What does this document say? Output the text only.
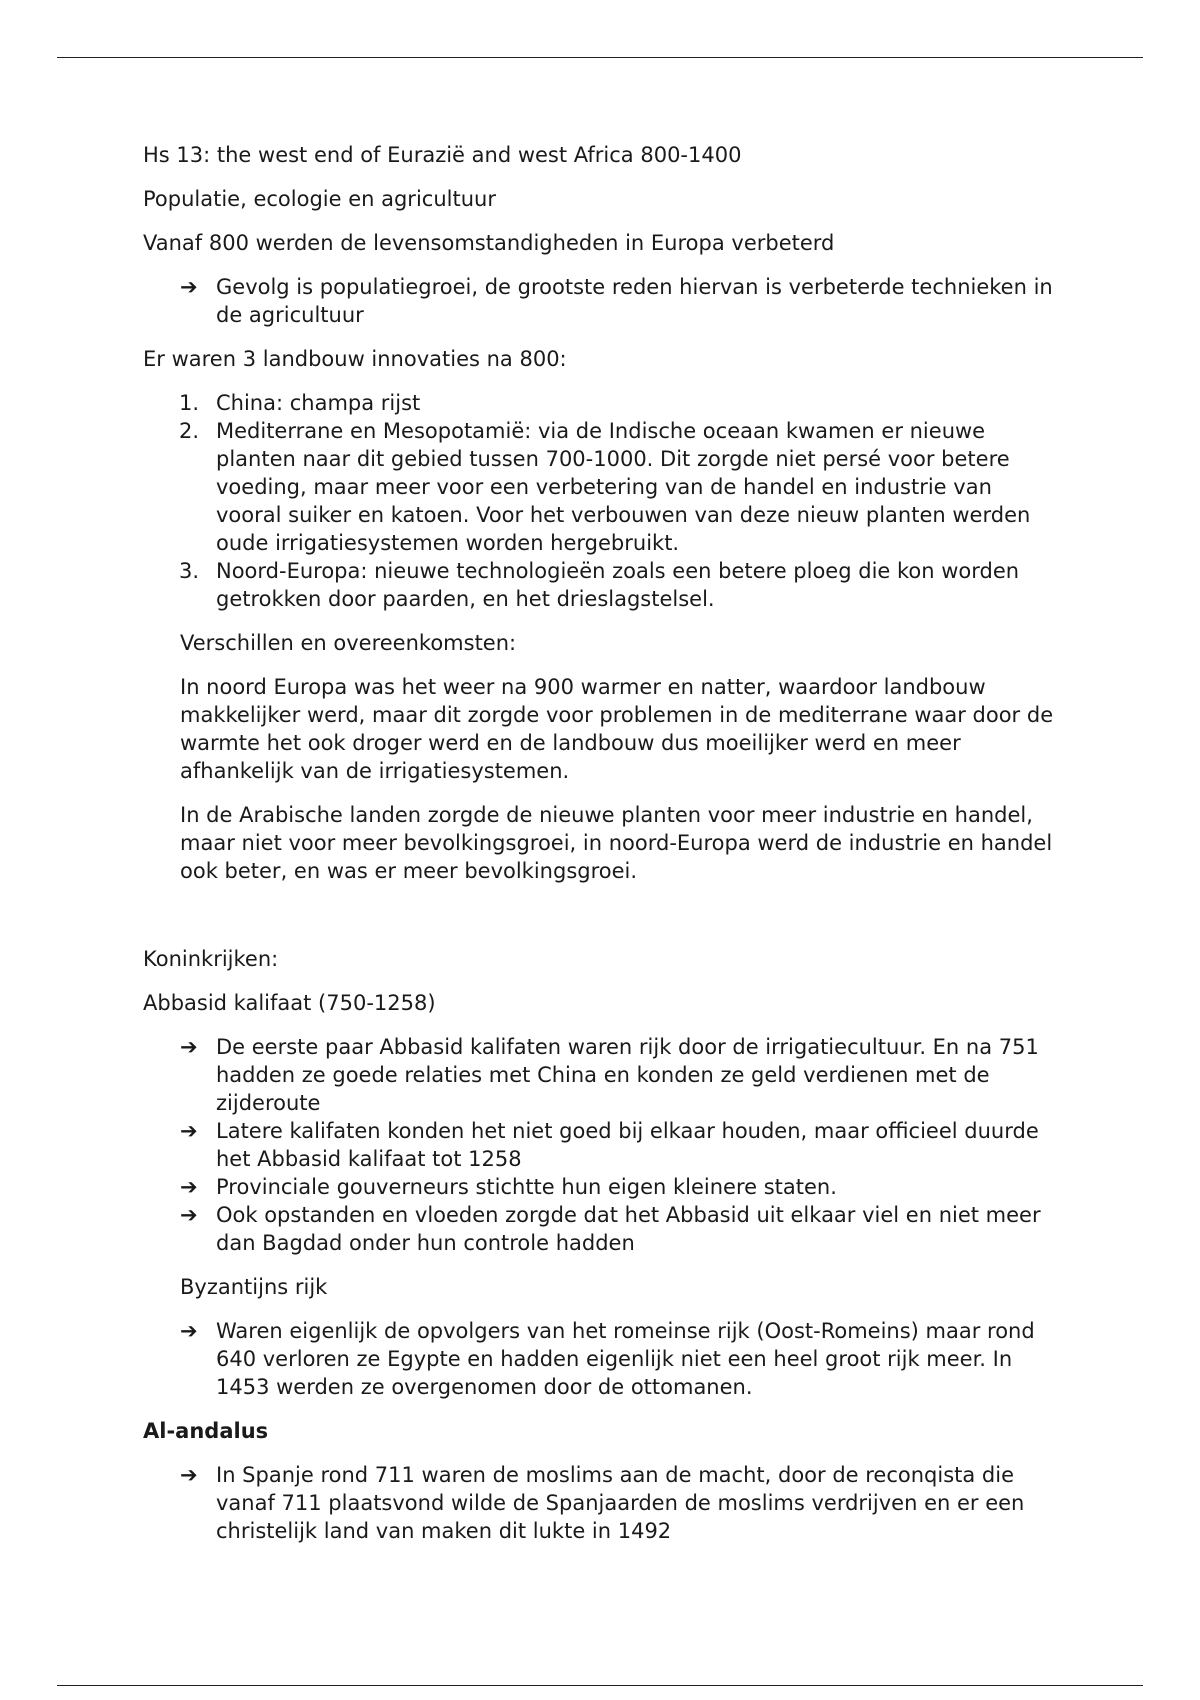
Hs 13: the west end of Eurazië and west Africa 800-1400

Populatie, ecologie en agricultuur

Vanaf 800 werden de levensomstandigheden in Europa verbeterd

➔ Gevolg is populatiegroei, de grootste reden hiervan is verbeterde technieken in de agricultuur

Er waren 3 landbouw innovaties na 800:

1. China: champa rijst
2. Mediterrane en Mesopotamië: via de Indische oceaan kwamen er nieuwe planten naar dit gebied tussen 700-1000. Dit zorgde niet persé voor betere voeding, maar meer voor een verbetering van de handel en industrie van vooral suiker en katoen. Voor het verbouwen van deze nieuw planten werden oude irrigatiesystemen worden hergebruikt.
3. Noord-Europa: nieuwe technologieën zoals een betere ploeg die kon worden getrokken door paarden, en het drieslagstelsel.

Verschillen en overeenkomsten:

In noord Europa was het weer na 900 warmer en natter, waardoor landbouw makkelijker werd, maar dit zorgde voor problemen in de mediterrane waar door de warmte het ook droger werd en de landbouw dus moeilijker werd en meer afhankelijk van de irrigatiesystemen.

In de Arabische landen zorgde de nieuwe planten voor meer industrie en handel, maar niet voor meer bevolkingsgroei, in noord-Europa werd de industrie en handel ook beter, en was er meer bevolkingsgroei.

Koninkrijken:

Abbasid kalifaat (750-1258)

➔ De eerste paar Abbasid kalifaten waren rijk door de irrigatiecultuur. En na 751 hadden ze goede relaties met China en konden ze geld verdienen met de zijderoute
➔ Latere kalifaten konden het niet goed bij elkaar houden, maar officieel duurde het Abbasid kalifaat tot 1258
➔ Provinciale gouverneurs stichtte hun eigen kleinere staten.
➔ Ook opstanden en vloeden zorgde dat het Abbasid uit elkaar viel en niet meer dan Bagdad onder hun controle hadden

Byzantijns rijk

➔ Waren eigenlijk de opvolgers van het romeinse rijk (Oost-Romeins) maar rond 640 verloren ze Egypte en hadden eigenlijk niet een heel groot rijk meer. In 1453 werden ze overgenomen door de ottomanen.

Al-andalus

➔ In Spanje rond 711 waren de moslims aan de macht, door de reconqista die vanaf 711 plaatsvond wilde de Spanjaarden de moslims verdrijven en er een christelijk land van maken dit lukte in 1492
